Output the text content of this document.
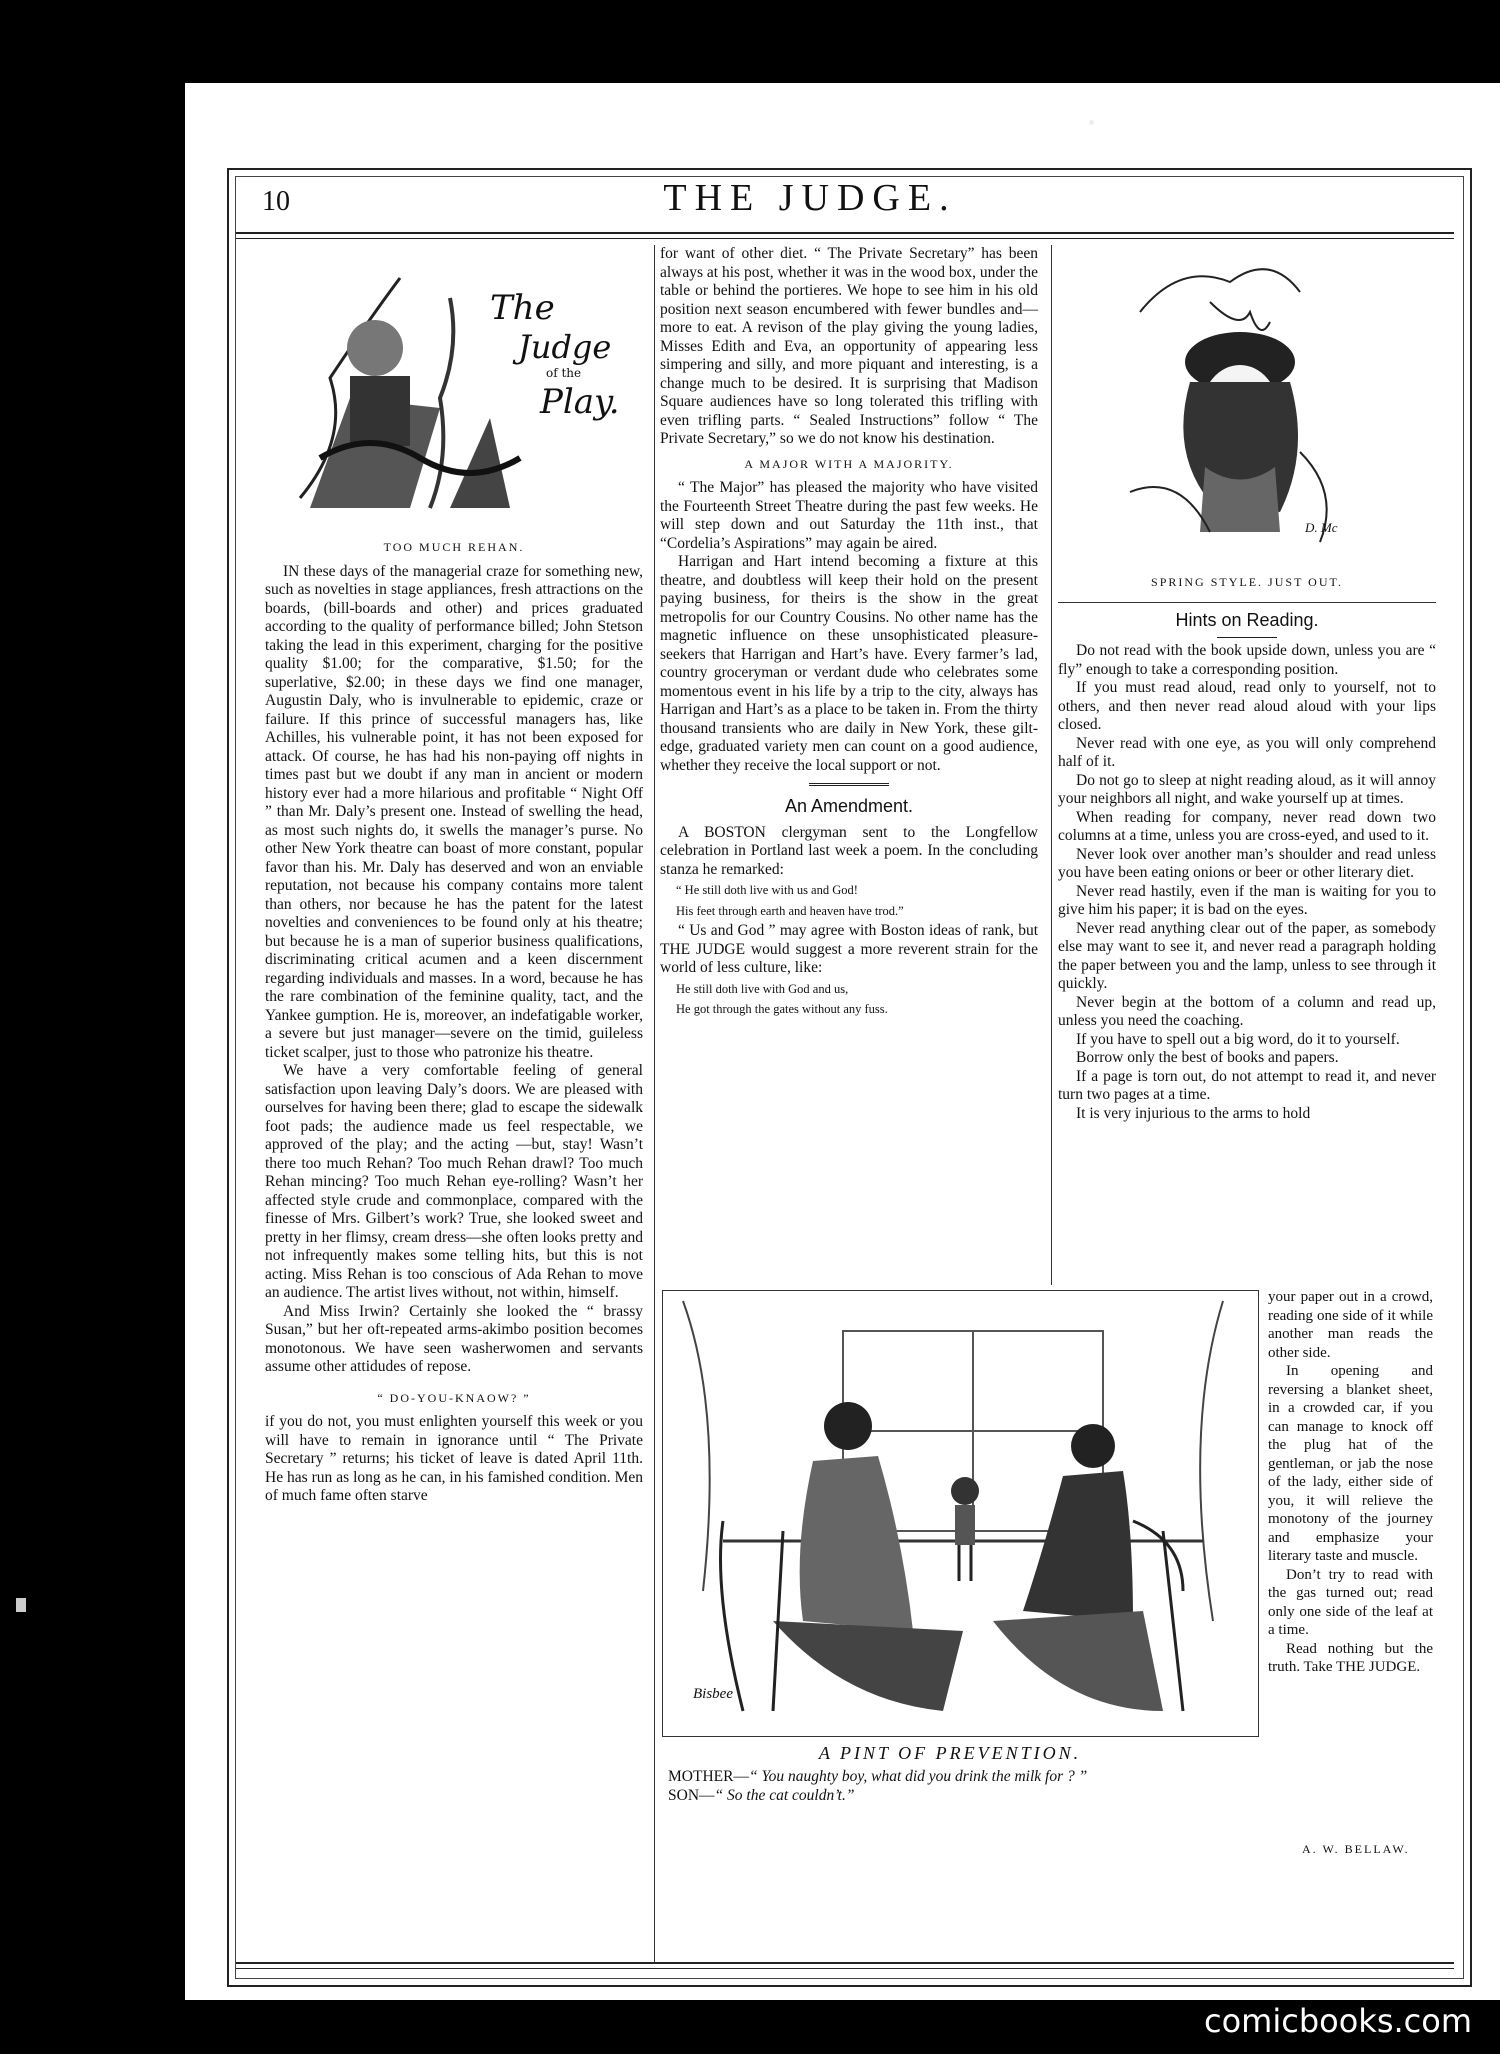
10	THE JUDGE.
The
Judge
of the
Play.
TOO MUCH REHAN.

IN these days of the managerial craze for something new, such as novelties in stage appliances, fresh attractions on the boards, (bill-boards and other) and prices graduated according to the quality of performance billed; John Stetson taking the lead in this experiment, charging for the positive quality $1.00; for the comparative, $1.50; for the superlative, $2.00; in these days we find one manager, Augustin Daly, who is invulnerable to epidemic, craze or failure. If this prince of successful managers has, like Achilles, his vulnerable point, it has not been exposed for attack. Of course, he has had his non-paying off nights in times past but we doubt if any man in ancient or modern history ever had a more hilarious and profitable “ Night Off ” than Mr. Daly’s present one. Instead of swelling the head, as most such nights do, it swells the manager’s purse. No other New York theatre can boast of more constant, popular favor than his. Mr. Daly has deserved and won an enviable reputation, not because his company contains more talent than others, nor because he has the patent for the latest novelties and conveniences to be found only at his theatre; but because he is a man of superior business qualifications, discriminating critical acumen and a keen discernment regarding individuals and masses. In a word, because he has the rare combination of the feminine quality, tact, and the Yankee gumption. He is, moreover, an indefatigable worker, a severe but just manager—severe on the timid, guileless ticket scalper, just to those who patronize his theatre.

We have a very comfortable feeling of general satisfaction upon leaving Daly’s doors. We are pleased with ourselves for having been there; glad to escape the sidewalk foot pads; the audience made us feel respectable, we approved of the play; and the acting —but, stay! Wasn’t there too much Rehan? Too much Rehan drawl? Too much Rehan mincing? Too much Rehan eye-rolling? Wasn’t her affected style crude and commonplace, compared with the finesse of Mrs. Gilbert’s work? True, she looked sweet and pretty in her flimsy, cream dress—she often looks pretty and not infrequently makes some telling hits, but this is not acting. Miss Rehan is too conscious of Ada Rehan to move an audience. The artist lives without, not within, himself.

And Miss Irwin? Certainly she looked the “ brassy Susan,” but her oft-repeated arms-akimbo position becomes monotonous. We have seen washerwomen and servants assume other attidudes of repose.

“ DO-YOU-KNAOW? ”

if you do not, you must enlighten yourself this week or you will have to remain in ignorance until “ The Private Secretary ” returns; his ticket of leave is dated April 11th. He has run as long as he can, in his famished condition. Men of much fame often starve

for want of other diet. “ The Private Secretary” has been always at his post, whether it was in the wood box, under the table or behind the portieres. We hope to see him in his old position next season encumbered with fewer bundles and—more to eat. A revison of the play giving the young ladies, Misses Edith and Eva, an opportunity of appearing less simpering and silly, and more piquant and interesting, is a change much to be desired. It is surprising that Madison Square audiences have so long tolerated this trifling with even trifling parts. “ Sealed Instructions” follow “ The Private Secretary,” so we do not know his destination.

A MAJOR WITH A MAJORITY.

“ The Major” has pleased the majority who have visited the Fourteenth Street Theatre during the past few weeks. He will step down and out Saturday the 11th inst., that “Cordelia’s Aspirations” may again be aired.

Harrigan and Hart intend becoming a fixture at this theatre, and doubtless will keep their hold on the present paying business, for theirs is the show in the great metropolis for our Country Cousins. No other name has the magnetic influence on these unsophisticated pleasure-seekers that Harrigan and Hart’s have. Every farmer’s lad, country groceryman or verdant dude who celebrates some momentous event in his life by a trip to the city, always has Harrigan and Hart’s as a place to be taken in. From the thirty thousand transients who are daily in New York, these gilt-edge, graduated variety men can count on a good audience, whether they receive the local support or not.

An Amendment.

A BOSTON clergyman sent to the Longfellow celebration in Portland last week a poem. In the concluding stanza he remarked:

“ He still doth live with us and God!
His feet through earth and heaven have trod.”

“ Us and God ” may agree with Boston ideas of rank, but THE JUDGE would suggest a more reverent strain for the world of less culture, like:

He still doth live with God and us,
He got through the gates without any fuss.
D. Mc
SPRING STYLE. JUST OUT.
Hints on Reading.

Do not read with the book upside down, unless you are “ fly” enough to take a corresponding position.

If you must read aloud, read only to yourself, not to others, and then never read aloud aloud with your lips closed.

Never read with one eye, as you will only comprehend half of it.

Do not go to sleep at night reading aloud, as it will annoy your neighbors all night, and wake yourself up at times.

When reading for company, never read down two columns at a time, unless you are cross-eyed, and used to it.

Never look over another man’s shoulder and read unless you have been eating onions or beer or other literary diet.

Never read hastily, even if the man is waiting for you to give him his paper; it is bad on the eyes.

Never read anything clear out of the paper, as somebody else may want to see it, and never read a paragraph holding the paper between you and the lamp, unless to see through it quickly.

Never begin at the bottom of a column and read up, unless you need the coaching.

If you have to spell out a big word, do it to yourself.

Borrow only the best of books and papers.

If a page is torn out, do not attempt to read it, and never turn two pages at a time.

It is very injurious to the arms to hold

your paper out in a crowd, reading one side of it while another man reads the other side.

In opening and reversing a blanket sheet, in a crowded car, if you can manage to knock off the plug hat of the gentleman, or jab the nose of the lady, either side of you, it will relieve the monotony of the journey and emphasize your literary taste and muscle.

Don’t try to read with the gas turned out; read only one side of the leaf at a time.

Read nothing but the truth. Take THE JUDGE.

A. W. BELLAW.
Bisbee
A PINT OF PREVENTION.
MOTHER—“ You naughty boy, what did you drink the milk for ? ”
SON—“ So the cat couldn’t.”
comicbooks.com
